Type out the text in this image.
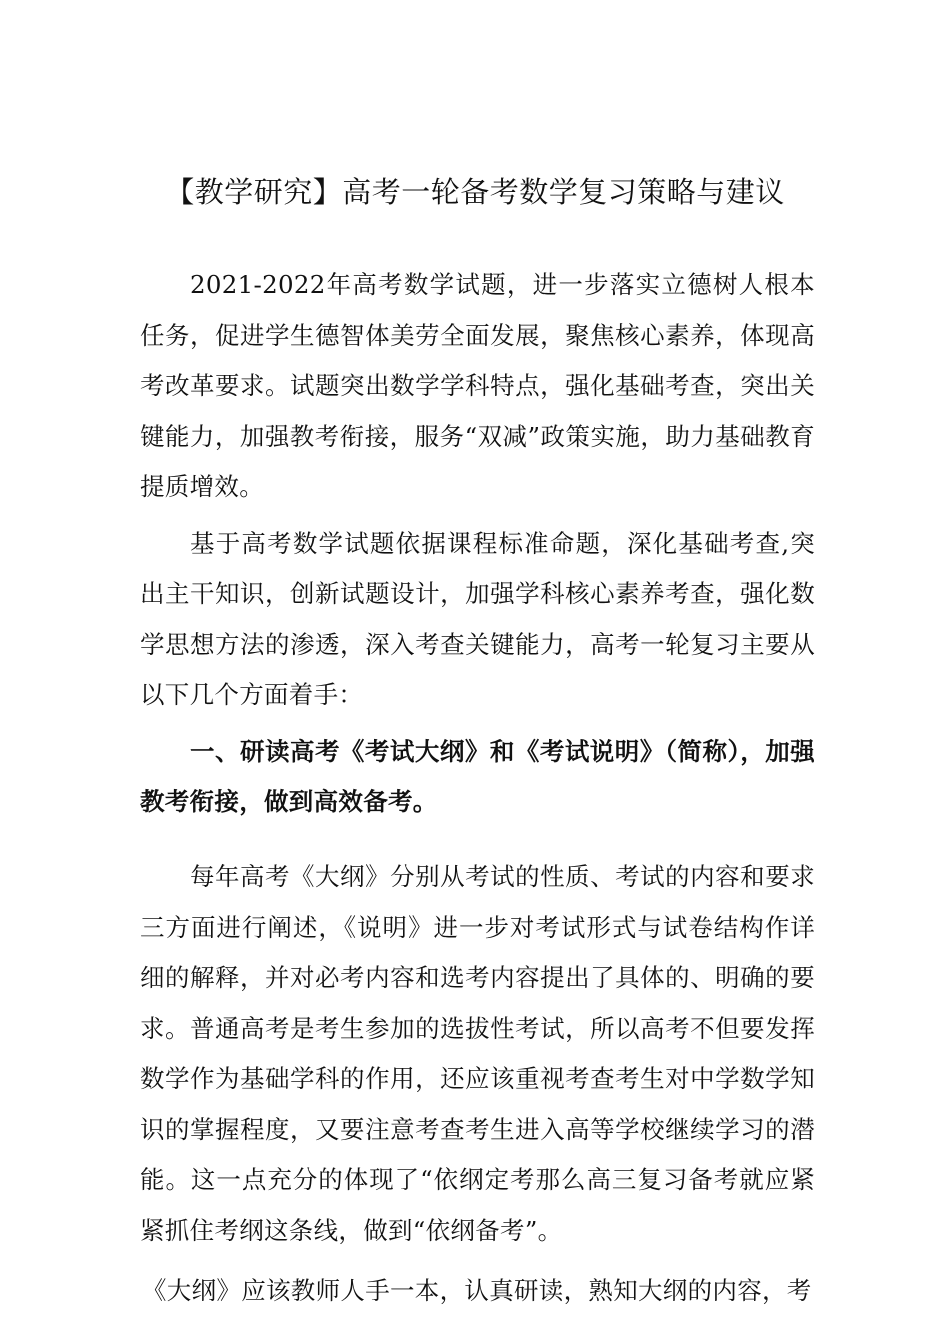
【教学研究】高考一轮备考数学复习策略与建议

2021-2022年高考数学试题，进一步落实立德树人根本任务，促进学生德智体美劳全面发展，聚焦核心素养，体现高考改革要求。试题突出数学学科特点，强化基础考查，突出关键能力，加强教考衔接，服务“双减”政策实施，助力基础教育提质增效。

基于高考数学试题依据课程标准命题，深化基础考查,突出主干知识，创新试题设计，加强学科核心素养考查，强化数学思想方法的渗透，深入考查关键能力，高考一轮复习主要从以下几个方面着手：

一、研读高考《考试大纲》和《考试说明》（简称），加强教考衔接，做到高效备考。

每年高考《大纲》分别从考试的性质、考试的内容和要求三方面进行阐述，《说明》进一步对考试形式与试卷结构作详细的解释，并对必考内容和选考内容提出了具体的、明确的要求。普通高考是考生参加的选拔性考试，所以高考不但要发挥数学作为基础学科的作用，还应该重视考查考生对中学数学知识的掌握程度，又要注意考查考生进入高等学校继续学习的潜能。这一点充分的体现了“依纲定考那么高三复习备考就应紧紧抓住考纲这条线，做到“依纲备考”。

《大纲》应该教师人手一本，认真研读，熟知大纲的内容，考
